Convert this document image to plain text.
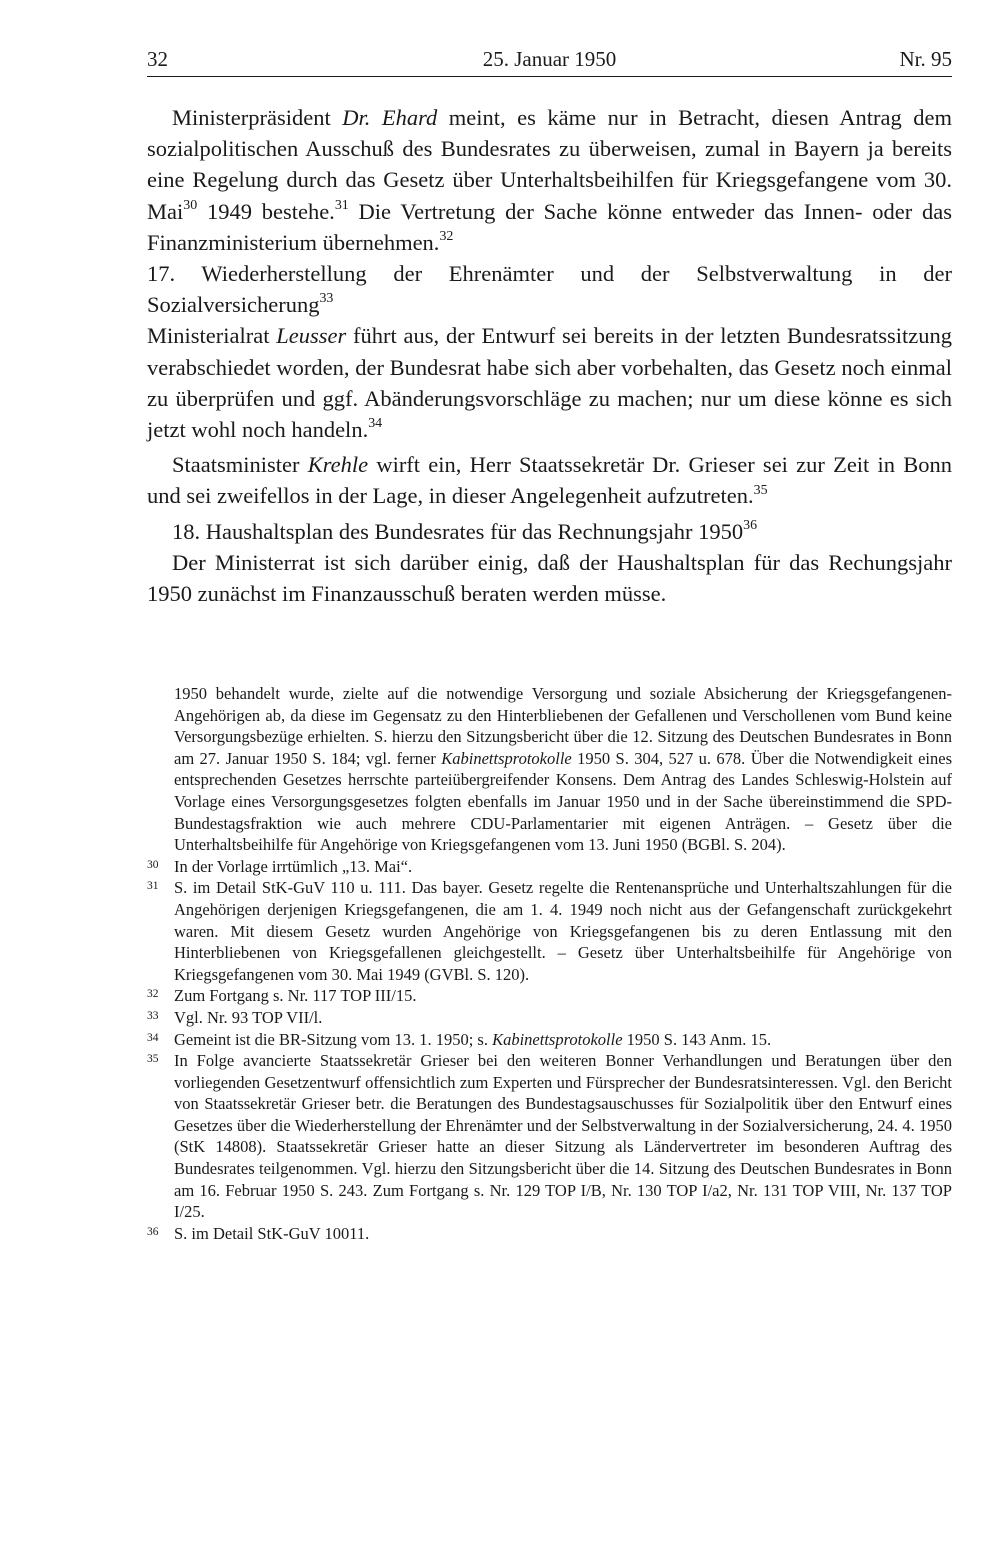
32	25. Januar 1950	Nr. 95

Ministerpräsident Dr. Ehard meint, es käme nur in Betracht, diesen Antrag dem sozialpolitischen Ausschuß des Bundesrates zu überweisen, zumal in Bayern ja bereits eine Regelung durch das Gesetz über Unterhaltsbeihilfen für Kriegsgefangene vom 30. Mai$^{30}$ 1949 bestehe.$^{31}$ Die Vertretung der Sache könne entweder das Innen- oder das Finanzministerium übernehmen.$^{32}$

17. Wiederherstellung der Ehrenämter und der Selbstverwaltung in der Sozialversicherung$^{33}$

Ministerialrat Leusser führt aus, der Entwurf sei bereits in der letzten Bundesratssitzung verabschiedet worden, der Bundesrat habe sich aber vorbehalten, das Gesetz noch einmal zu überprüfen und ggf. Abänderungsvorschläge zu machen; nur um diese könne es sich jetzt wohl noch handeln.$^{34}$

Staatsminister Krehle wirft ein, Herr Staatssekretär Dr. Grieser sei zur Zeit in Bonn und sei zweifellos in der Lage, in dieser Angelegenheit aufzutreten.$^{35}$

18. Haushaltsplan des Bundesrates für das Rechnungsjahr 1950$^{36}$

Der Ministerrat ist sich darüber einig, daß der Haushaltsplan für das Rechungsjahr 1950 zunächst im Finanzausschuß beraten werden müsse.

1950 behandelt wurde, zielte auf die notwendige Versorgung und soziale Absicherung der Kriegsgefangenen-Angehörigen ab, da diese im Gegensatz zu den Hinterbliebenen der Gefallenen und Verschollenen vom Bund keine Versorgungsbezüge erhielten. S. hierzu den Sitzungsbericht über die 12. Sitzung des Deutschen Bundesrates in Bonn am 27. Januar 1950 S. 184; vgl. ferner Kabinettsprotokolle 1950 S. 304, 527 u. 678. Über die Notwendigkeit eines entsprechenden Gesetzes herrschte parteiübergreifender Konsens. Dem Antrag des Landes Schleswig-Holstein auf Vorlage eines Versorgungsgesetzes folgten ebenfalls im Januar 1950 und in der Sache übereinstimmend die SPD-Bundestagsfraktion wie auch mehrere CDU-Parlamentarier mit eigenen Anträgen. – Gesetz über die Unterhaltsbeihilfe für Angehörige von Kriegsgefangenen vom 13. Juni 1950 (BGBl. S. 204).

30 In der Vorlage irrtümlich „13. Mai“.

31 S. im Detail StK-GuV 110 u. 111. Das bayer. Gesetz regelte die Rentenansprüche und Unterhaltszahlungen für die Angehörigen derjenigen Kriegsgefangenen, die am 1. 4. 1949 noch nicht aus der Gefangenschaft zurückgekehrt waren. Mit diesem Gesetz wurden Angehörige von Kriegsgefangenen bis zu deren Entlassung mit den Hinterbliebenen von Kriegsgefallenen gleichgestellt. – Gesetz über Unterhaltsbeihilfe für Angehörige von Kriegsgefangenen vom 30. Mai 1949 (GVBl. S. 120).

32 Zum Fortgang s. Nr. 117 TOP III/15.

33 Vgl. Nr. 93 TOP VII/l.

34 Gemeint ist die BR-Sitzung vom 13. 1. 1950; s. Kabinettsprotokolle 1950 S. 143 Anm. 15.

35 In Folge avancierte Staatssekretär Grieser bei den weiteren Bonner Verhandlungen und Beratungen über den vorliegenden Gesetzentwurf offensichtlich zum Experten und Fürsprecher der Bundesratsinteressen. Vgl. den Bericht von Staatssekretär Grieser betr. die Beratungen des Bundestagsauschusses für Sozialpolitik über den Entwurf eines Gesetzes über die Wiederherstellung der Ehrenämter und der Selbstverwaltung in der Sozialversicherung, 24. 4. 1950 (StK 14808). Staatssekretär Grieser hatte an dieser Sitzung als Ländervertreter im besonderen Auftrag des Bundesrates teilgenommen. Vgl. hierzu den Sitzungsbericht über die 14. Sitzung des Deutschen Bundesrates in Bonn am 16. Februar 1950 S. 243. Zum Fortgang s. Nr. 129 TOP I/B, Nr. 130 TOP I/a2, Nr. 131 TOP VIII, Nr. 137 TOP I/25.

36 S. im Detail StK-GuV 10011.
